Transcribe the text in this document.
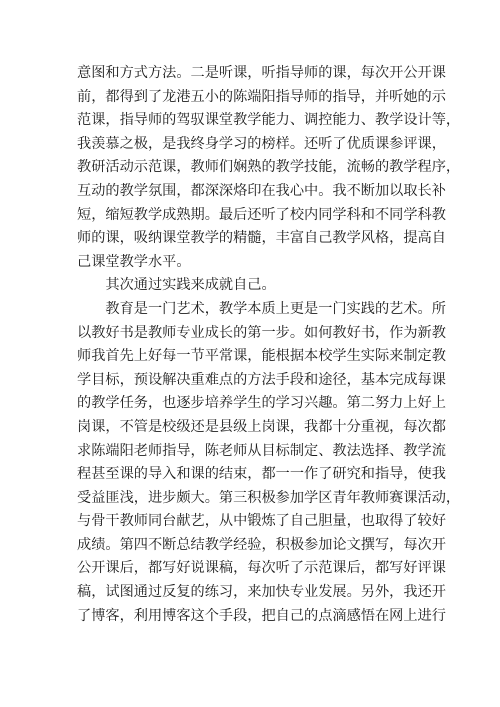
意图和方式方法。二是听课，听指导师的课，每次开公开课
前，都得到了龙港五小的陈端阳指导师的指导，并听她的示
范课，指导师的驾驭课堂教学能力、调控能力、教学设计等，
我羡慕之极，是我终身学习的榜样。还听了优质课参评课，
教研活动示范课，教师们娴熟的教学技能，流畅的教学程序，
互动的教学氛围，都深深烙印在我心中。我不断加以取长补
短，缩短教学成熟期。最后还听了校内同学科和不同学科教
师的课，吸纳课堂教学的精髓，丰富自己教学风格，提高自
己课堂教学水平。
　　其次通过实践来成就自己。
　　教育是一门艺术，教学本质上更是一门实践的艺术。所
以教好书是教师专业成长的第一步。如何教好书，作为新教
师我首先上好每一节平常课，能根据本校学生实际来制定教
学目标，预设解决重难点的方法手段和途径，基本完成每课
的教学任务，也逐步培养学生的学习兴趣。第二努力上好上
岗课，不管是校级还是县级上岗课，我都十分重视，每次都
求陈端阳老师指导，陈老师从目标制定、教法选择、教学流
程甚至课的导入和课的结束，都一一作了研究和指导，使我
受益匪浅，进步颇大。第三积极参加学区青年教师赛课活动，
与骨干教师同台献艺，从中锻炼了自己胆量，也取得了较好
成绩。第四不断总结教学经验，积极参加论文撰写，每次开
公开课后，都写好说课稿，每次听了示范课后，都写好评课
稿，试图通过反复的练习，来加快专业发展。另外，我还开
了博客，利用博客这个手段，把自己的点滴感悟在网上进行
